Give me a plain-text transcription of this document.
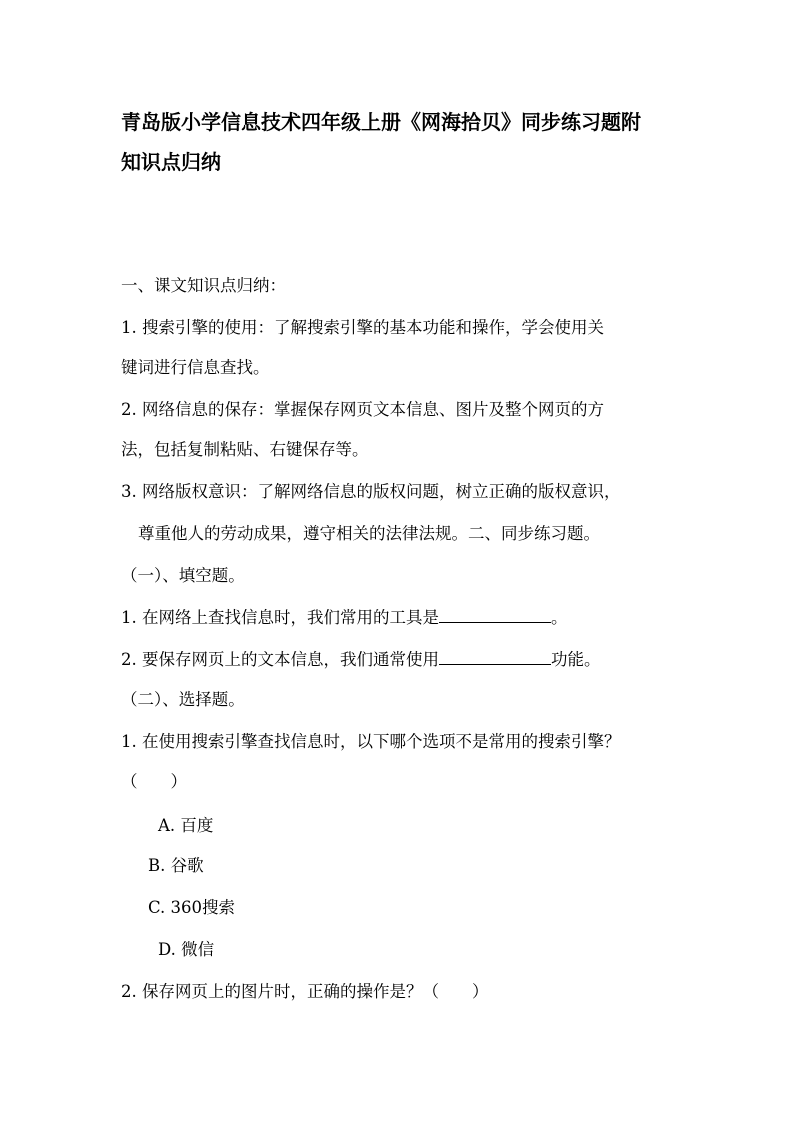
青岛版小学信息技术四年级上册《网海拾贝》同步练习题附
知识点归纳
一、课文知识点归纳：
1. 搜索引擎的使用：了解搜索引擎的基本功能和操作，学会使用关
键词进行信息查找。
2. 网络信息的保存：掌握保存网页文本信息、图片及整个网页的方
法，包括复制粘贴、右键保存等。
3. 网络版权意识：了解网络信息的版权问题，树立正确的版权意识，
尊重他人的劳动成果，遵守相关的法律法规。二、同步练习题。
（一）、填空题。
1. 在网络上查找信息时，我们常用的工具是	。
2. 要保存网页上的文本信息，我们通常使用	功能。
（二）、选择题。
1. 在使用搜索引擎查找信息时，以下哪个选项不是常用的搜索引擎？
（　　）
A. 百度
B. 谷歌
C. 360搜索
D. 微信
2. 保存网页上的图片时，正确的操作是？（　　）
